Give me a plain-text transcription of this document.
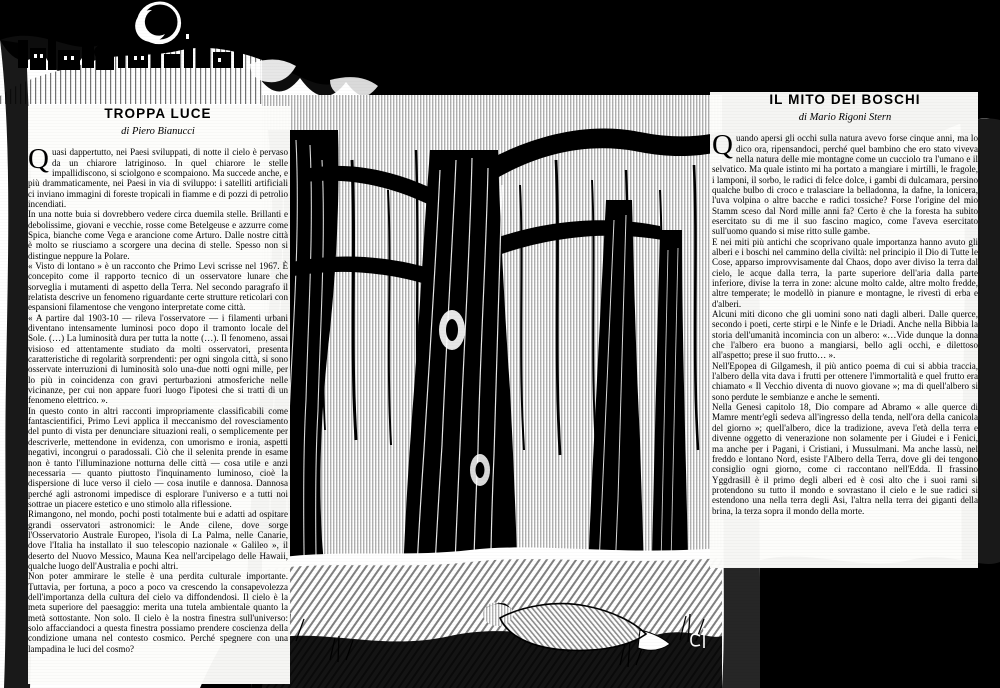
TROPPA LUCE
di Piero Bianucci

Quasi dappertutto, nei Paesi sviluppati, di notte il cielo è pervaso da un chiarore latriginoso. In quel chiarore le stelle impallidiscono, si sciolgono e scompaiono. Ma succede anche, e più drammaticamente, nei Paesi in via di sviluppo: i satelliti artificiali ci inviano immagini di foreste tropicali in fiamme e di pozzi di petrolio incendiati.

In una notte buia si dovrebbero vedere circa duemila stelle. Brillanti e debolissime, giovani e vecchie, rosse come Betelgeuse e azzurre come Spica, bianche come Vega e arancione come Arturo. Dalle nostre città è molto se riusciamo a scorgere una decina di stelle. Spesso non si distingue neppure la Polare.

« Visto di lontano » è un racconto che Primo Levi scrisse nel 1967. È concepito come il rapporto tecnico di un osservatore lunare che sorveglia i mutamenti di aspetto della Terra. Nel secondo paragrafo il relatista descrive un fenomeno riguardante certe strutture reticolari con espansioni filamentose che vengono interpretate come città.

« A partire dal 1903-10 — rileva l'osservatore — i filamenti urbani diventano intensamente luminosi poco dopo il tramonto locale del Sole. (…) La luminosità dura per tutta la notte (…). Il fenomeno, assai visioso ed attentamente studiato da molti osservatori, presenta caratteristiche di regolarità sorprendenti: per ogni singola città, si sono osservate interruzioni di luminosità solo una-due notti ogni mille, per lo più in coincidenza con gravi perturbazioni atmosferiche nelle vicinanze, per cui non appare fuori luogo l'ipotesi che si tratti di un fenomeno elettrico. ».

In questo conto in altri racconti impropriamente classificabili come fantascientifici, Primo Levi applica il meccanismo del rovesciamento del punto di vista per denunciare situazioni reali, o semplicemente per descriverle, mettendone in evidenza, con umorismo e ironia, aspetti negativi, incongrui o paradossali. Ciò che il selenita prende in esame non è tanto l'illuminazione notturna delle città — cosa utile e anzi necessaria — quanto piuttosto l'inquinamento luminoso, cioè la dispersione di luce verso il cielo — cosa inutile e dannosa. Dannosa perché agli astronomi impedisce di esplorare l'universo e a tutti noi sottrae un piacere estetico e uno stimolo alla riflessione.

Rimangono, nel mondo, pochi posti totalmente bui e adatti ad ospitare grandi osservatori astronomici: le Ande cilene, dove sorge l'Osservatorio Australe Europeo, l'isola di La Palma, nelle Canarie, dove l'Italia ha installato il suo telescopio nazionale « Galileo », il deserto del Nuovo Messico, Mauna Kea nell'arcipelago delle Hawaii, qualche luogo dell'Australia e pochi altri.

Non poter ammirare le stelle è una perdita culturale importante. Tuttavia, per fortuna, a poco a poco va crescendo la consapevolezza dell'importanza della cultura del cielo va diffondendosi. Il cielo è la meta superiore del paesaggio: merita una tutela ambientale quanto la metà sottostante. Non solo. Il cielo è la nostra finestra sull'universo: solo affacciandoci a questa finestra possiamo prendere coscienza della condizione umana nel contesto cosmico. Perché spegnere con una lampadina le luci del cosmo?

IL MITO DEI BOSCHI
di Mario Rigoni Stern

Quando apersi gli occhi sulla natura avevo forse cinque anni, ma lo dico ora, ripensandoci, perché quel bambino che ero stato viveva nella natura delle mie montagne come un cucciolo tra l'umano e il selvatico. Ma quale istinto mi ha portato a mangiare i mirtilli, le fragole, i lamponi, il sorbo, le radici di felce dolce, i gambi di dulcamara, persino qualche bulbo di croco e tralasciare la belladonna, la dafne, la lonicera, l'uva volpina o altre bacche e radici tossiche? Forse l'origine del mio Stamm sceso dal Nord mille anni fa? Certo è che la foresta ha subito esercitato su di me il suo fascino magico, come l'aveva esercitato sull'uomo quando si mise ritto sulle gambe.

E nei miti più antichi che scoprivano quale importanza hanno avuto gli alberi e i boschi nel cammino della civiltà: nel principio il Dio di Tutte le Cose, apparso improvvisamente dal Chaos, dopo aver diviso la terra dal cielo, le acque dalla terra, la parte superiore dell'aria dalla parte inferiore, divise la terra in zone: alcune molto calde, altre molto fredde, altre temperate; le modellò in pianure e montagne, le rivestì di erba e d'alberi.

Alcuni miti dicono che gli uomini sono nati dagli alberi. Dalle querce, secondo i poeti, certe stirpi e le Ninfe e le Driadi. Anche nella Bibbia la storia dell'umanità incomincia con un albero: «…Vide dunque la donna che l'albero era buono a mangiarsi, bello agli occhi, e dilettoso all'aspetto; prese il suo frutto… ».

Nell'Epopea di Gilgamesh, il più antico poema di cui si abbia traccia, l'albero della vita dava i frutti per ottenere l'immortalità e quel frutto era chiamato « Il Vecchio diventa di nuovo giovane »; ma di quell'albero si sono perdute le sembianze e anche le sementi.

Nella Genesi capitolo 18, Dio compare ad Abramo « alle querce di Mamre mentr'egli sedeva all'ingresso della tenda, nell'ora della canicola del giorno »; quell'albero, dice la tradizione, aveva l'età della terra e divenne oggetto di venerazione non solamente per i Giudei e i Fenici, ma anche per i Pagani, i Cristiani, i Mussulmani. Ma anche lassù, nel freddo e lontano Nord, esiste l'Albero della Terra, dove gli dei tengono consiglio ogni giorno, come ci raccontano nell'Edda. Il frassino Yggdrasill è il primo degli alberi ed è così alto che i suoi rami si protendono su tutto il mondo e sovrastano il cielo e le sue radici si estendono una nella terra degli Asi, l'altra nella terra dei giganti della brina, la terza sopra il mondo della morte.
